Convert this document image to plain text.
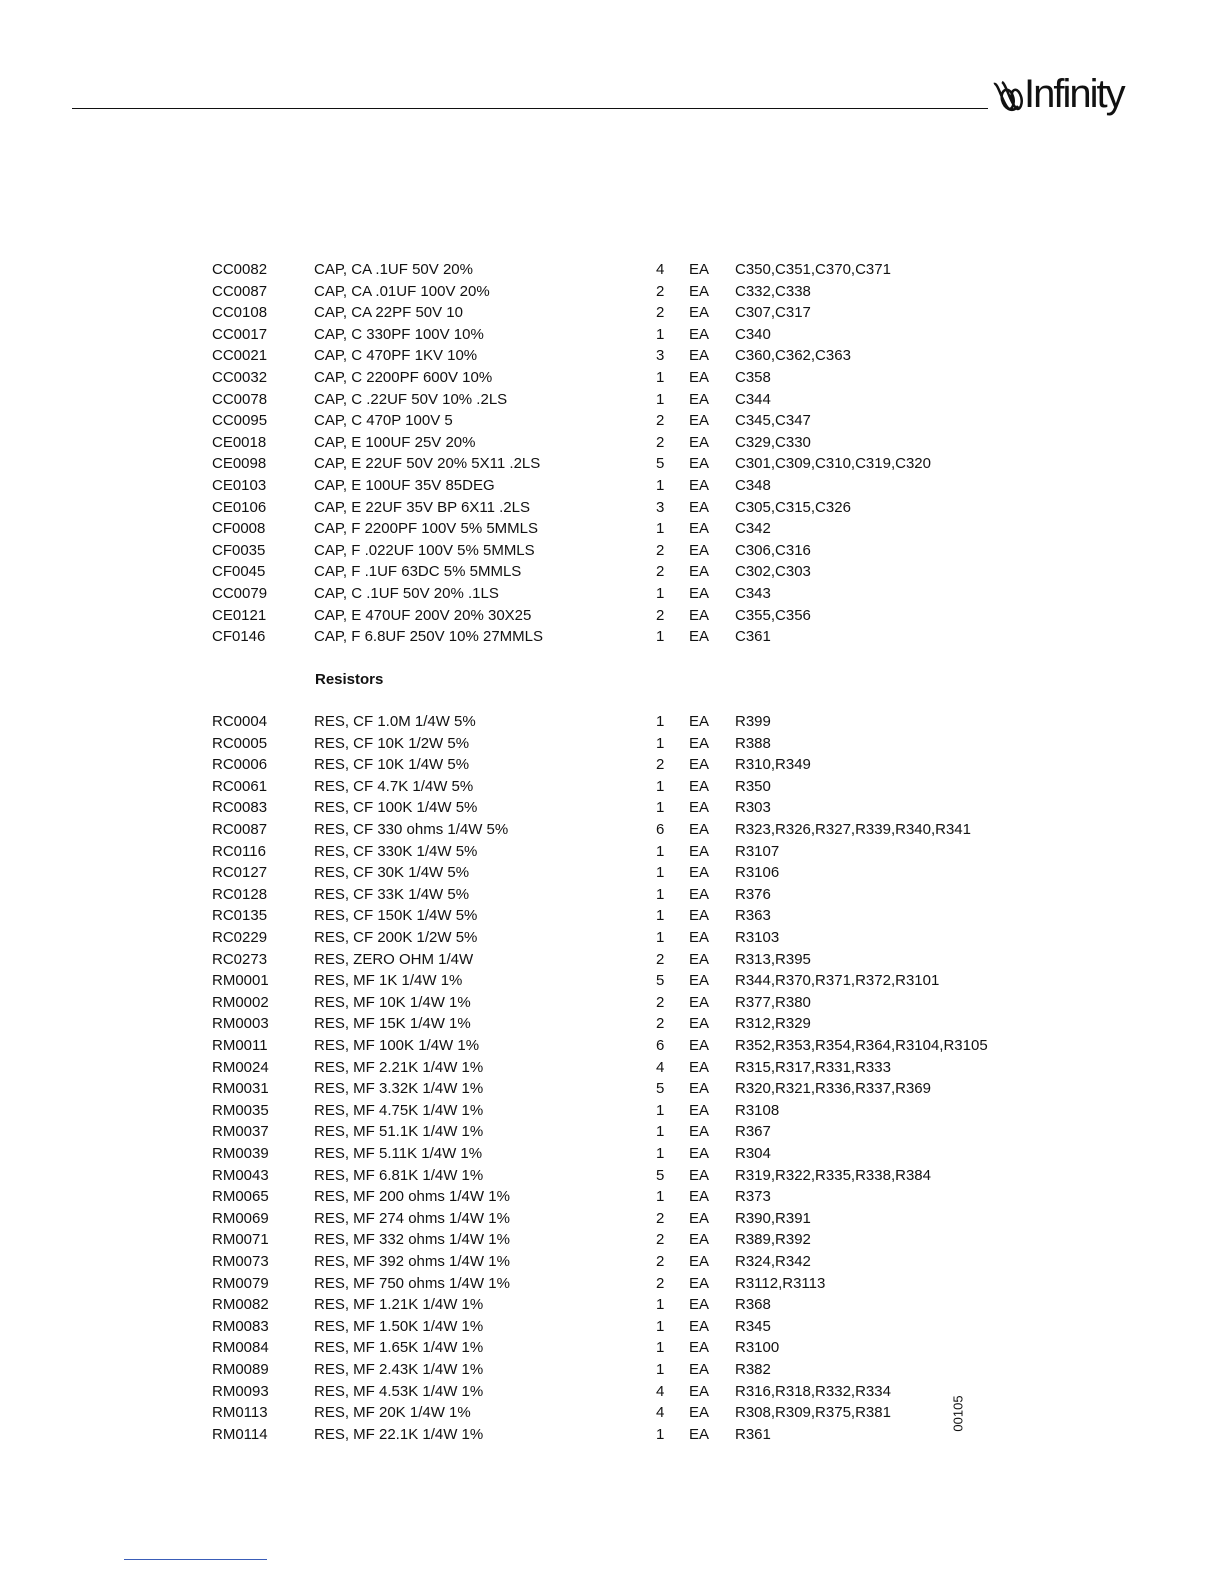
Infinity
Resistors
CC0082	CAP, CA .1UF 50V 20%	4 EA C350,C351,C370,C371
CC0087	CAP, CA .01UF 100V 20%	2 EA C332,C338
CC0108	CAP, CA 22PF 50V 10	2 EA C307,C317
CC0017	CAP, C 330PF 100V 10%	1 EA C340
CC0021	CAP, C 470PF 1KV 10%	3 EA C360,C362,C363
CC0032	CAP, C 2200PF 600V 10%	1 EA C358
CC0078	CAP, C .22UF 50V 10% .2LS	1 EA C344
CC0095	CAP, C 470P 100V 5	2 EA C345,C347
CE0018	CAP, E 100UF 25V 20%	2 EA C329,C330
CE0098	CAP, E 22UF 50V 20% 5X11 .2LS	5 EA C301,C309,C310,C319,C320
CE0103	CAP, E 100UF 35V 85DEG	1 EA C348
CE0106	CAP, E 22UF 35V BP 6X11 .2LS	3 EA C305,C315,C326
CF0008	CAP, F 2200PF 100V 5% 5MMLS	1 EA C342
CF0035	CAP, F .022UF 100V 5% 5MMLS	2 EA C306,C316
CF0045	CAP, F .1UF 63DC 5% 5MMLS	2 EA C302,C303
CC0079	CAP, C .1UF 50V 20% .1LS	1 EA C343
CE0121	CAP, E 470UF 200V 20% 30X25	2 EA C355,C356
CF0146	CAP, F 6.8UF 250V 10% 27MMLS	1 EA C361
RC0004	RES, CF 1.0M 1/4W 5%	1 EA R399
RC0005	RES, CF 10K 1/2W 5%	1 EA R388
RC0006	RES, CF 10K 1/4W 5%	2 EA R310,R349
RC0061	RES, CF 4.7K 1/4W 5%	1 EA R350
RC0083	RES, CF 100K 1/4W 5%	1 EA R303
RC0087	RES, CF 330 ohms 1/4W 5%	6 EA R323,R326,R327,R339,R340,R341
RC0116	RES, CF 330K 1/4W 5%	1 EA R3107
RC0127	RES, CF 30K 1/4W 5%	1 EA R3106
RC0128	RES, CF 33K 1/4W 5%	1 EA R376
RC0135	RES, CF 150K 1/4W 5%	1 EA R363
RC0229	RES, CF 200K 1/2W 5%	1 EA R3103
RC0273	RES, ZERO OHM 1/4W	2 EA R313,R395
RM0001	RES, MF 1K 1/4W 1%	5 EA R344,R370,R371,R372,R3101
RM0002	RES, MF 10K 1/4W 1%	2 EA R377,R380
RM0003	RES, MF 15K 1/4W 1%	2 EA R312,R329
RM0011	RES, MF 100K 1/4W 1%	6 EA R352,R353,R354,R364,R3104,R3105
RM0024	RES, MF 2.21K 1/4W 1%	4 EA R315,R317,R331,R333
RM0031	RES, MF 3.32K 1/4W 1%	5 EA R320,R321,R336,R337,R369
RM0035	RES, MF 4.75K 1/4W 1%	1 EA R3108
RM0037	RES, MF 51.1K 1/4W 1%	1 EA R367
RM0039	RES, MF 5.11K 1/4W 1%	1 EA R304
RM0043	RES, MF 6.81K 1/4W 1%	5 EA R319,R322,R335,R338,R384
RM0065	RES, MF 200 ohms 1/4W 1%	1 EA R373
RM0069	RES, MF 274 ohms 1/4W 1%	2 EA R390,R391
RM0071	RES, MF 332 ohms 1/4W 1%	2 EA R389,R392
RM0073	RES, MF 392 ohms 1/4W 1%	2 EA R324,R342
RM0079	RES, MF 750 ohms 1/4W 1%	2 EA R3112,R3113
RM0082	RES, MF 1.21K 1/4W 1%	1 EA R368
RM0083	RES, MF 1.50K 1/4W 1%	1 EA R345
RM0084	RES, MF 1.65K 1/4W 1%	1 EA R3100
RM0089	RES, MF 2.43K 1/4W 1%	1 EA R382
RM0093	RES, MF 4.53K 1/4W 1%	4 EA R316,R318,R332,R334
RM0113	RES, MF 20K 1/4W 1%	4 EA R308,R309,R375,R381
RM0114	RES, MF 22.1K 1/4W 1%	1 EA R361
00105
